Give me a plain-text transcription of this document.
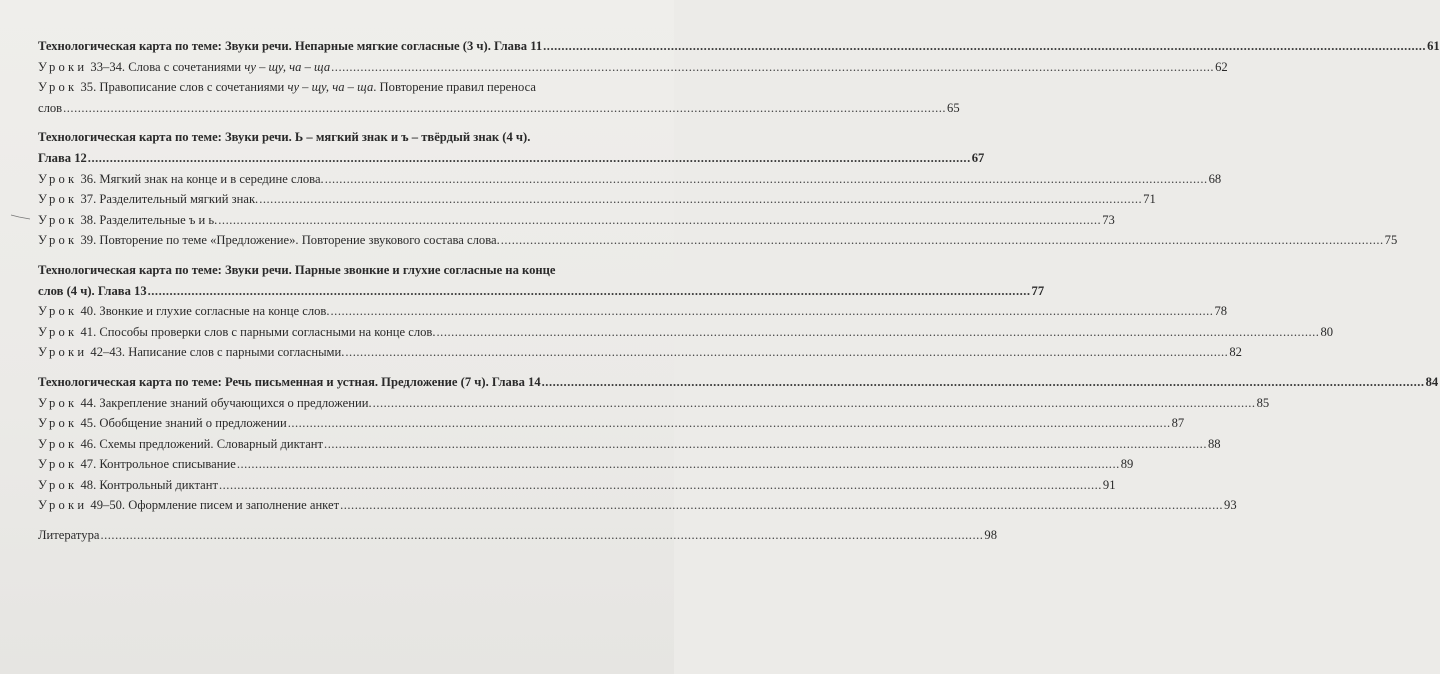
Технологическая карта по теме: Звуки речи. Непарные мягкие согласные (3 ч). Глава 11 .....	61
Уроки 33–34. Слова с сочетаниями чу – щу, ча – ща .....	62
Урок 35. Правописание слов с сочетаниями чу – щу, ча – ща. Повторение правил переноса
слов .....	65
Технологическая карта по теме: Звуки речи. Ь – мягкий знак и ъ – твёрдый знак (4 ч).
Глава 12 .....	67
Урок 36. Мягкий знак на конце и в середине слова. .....	68
Урок 37. Разделительный мягкий знак. .....	71
Урок 38. Разделительные ъ и ь. .....	73
Урок 39. Повторение по теме «Предложение». Повторение звукового состава слова. .....	75
Технологическая карта по теме: Звуки речи. Парные звонкие и глухие согласные на конце
слов (4 ч). Глава 13 .....	77
Урок 40. Звонкие и глухие согласные на конце слов. .....	78
Урок 41. Способы проверки слов с парными согласными на конце слов. .....	80
Уроки 42–43. Написание слов с парными согласными. .....	82
Технологическая карта по теме: Речь письменная и устная. Предложение (7 ч). Глава 14 .....	84
Урок 44. Закрепление знаний обучающихся о предложении. .....	85
Урок 45. Обобщение знаний о предложении .....	87
Урок 46. Схемы предложений. Словарный диктант .....	88
Урок 47. Контрольное списывание .....	89
Урок 48. Контрольный диктант .....	91
Уроки 49–50. Оформление писем и заполнение анкет .....	93
Литература .....	98
